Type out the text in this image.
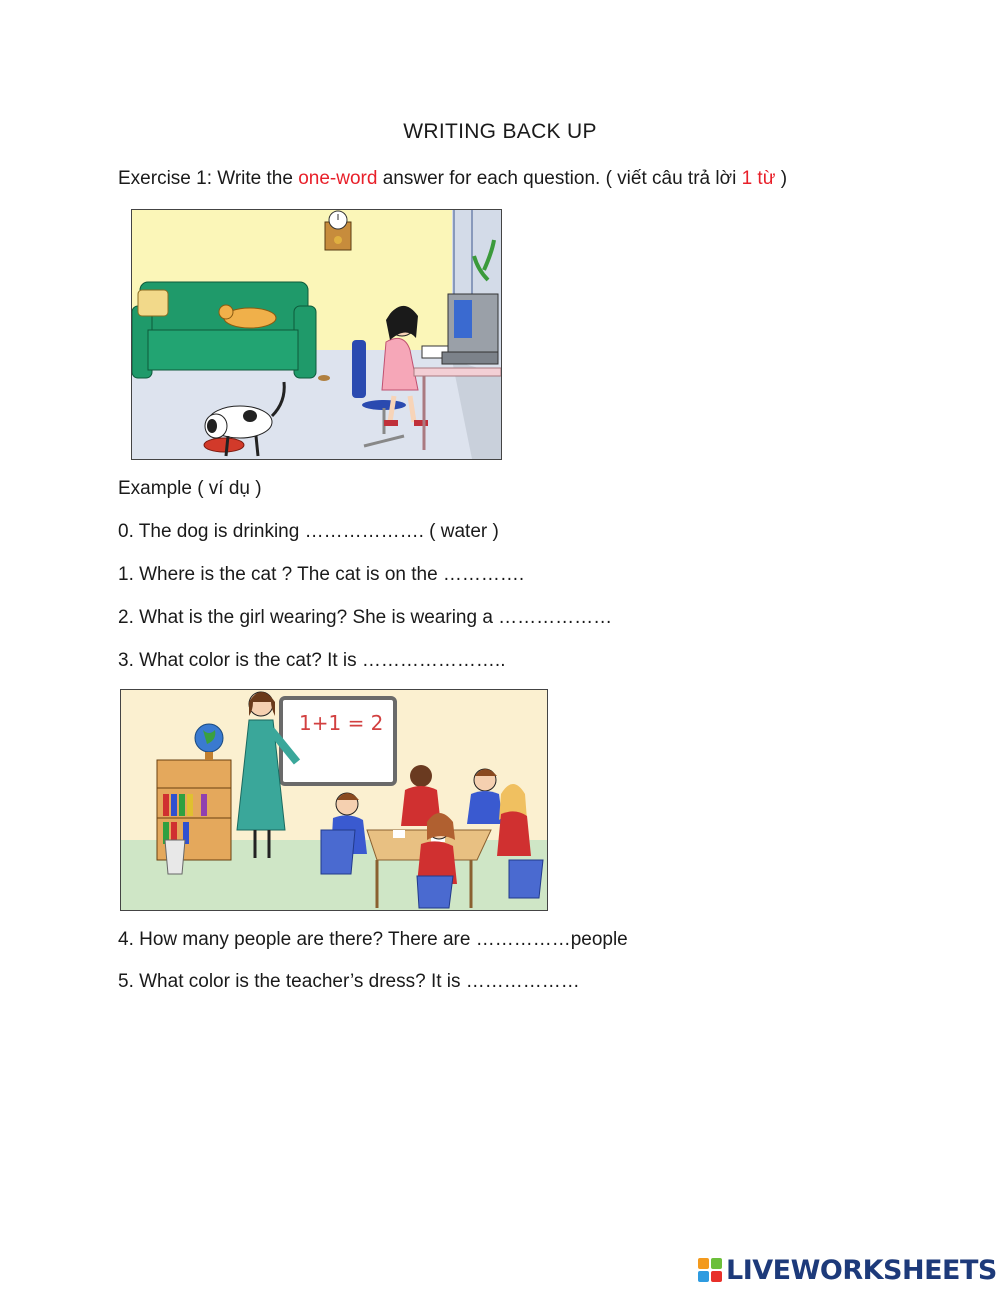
WRITING BACK UP
Exercise 1: Write the one-word answer for each question. ( viết câu trả lời 1 từ )
Example ( ví dụ )
0. The dog is drinking ………………. ( water )
1. Where is the cat ? The cat is on the ………….
2. What is the girl wearing? She is wearing a ………………
3. What color is the cat? It is …………………..
1+1 = 2
4. How many people are there? There are ……………people
5. What color is the teacher’s dress? It is ………………
LIVEWORKSHEETS
